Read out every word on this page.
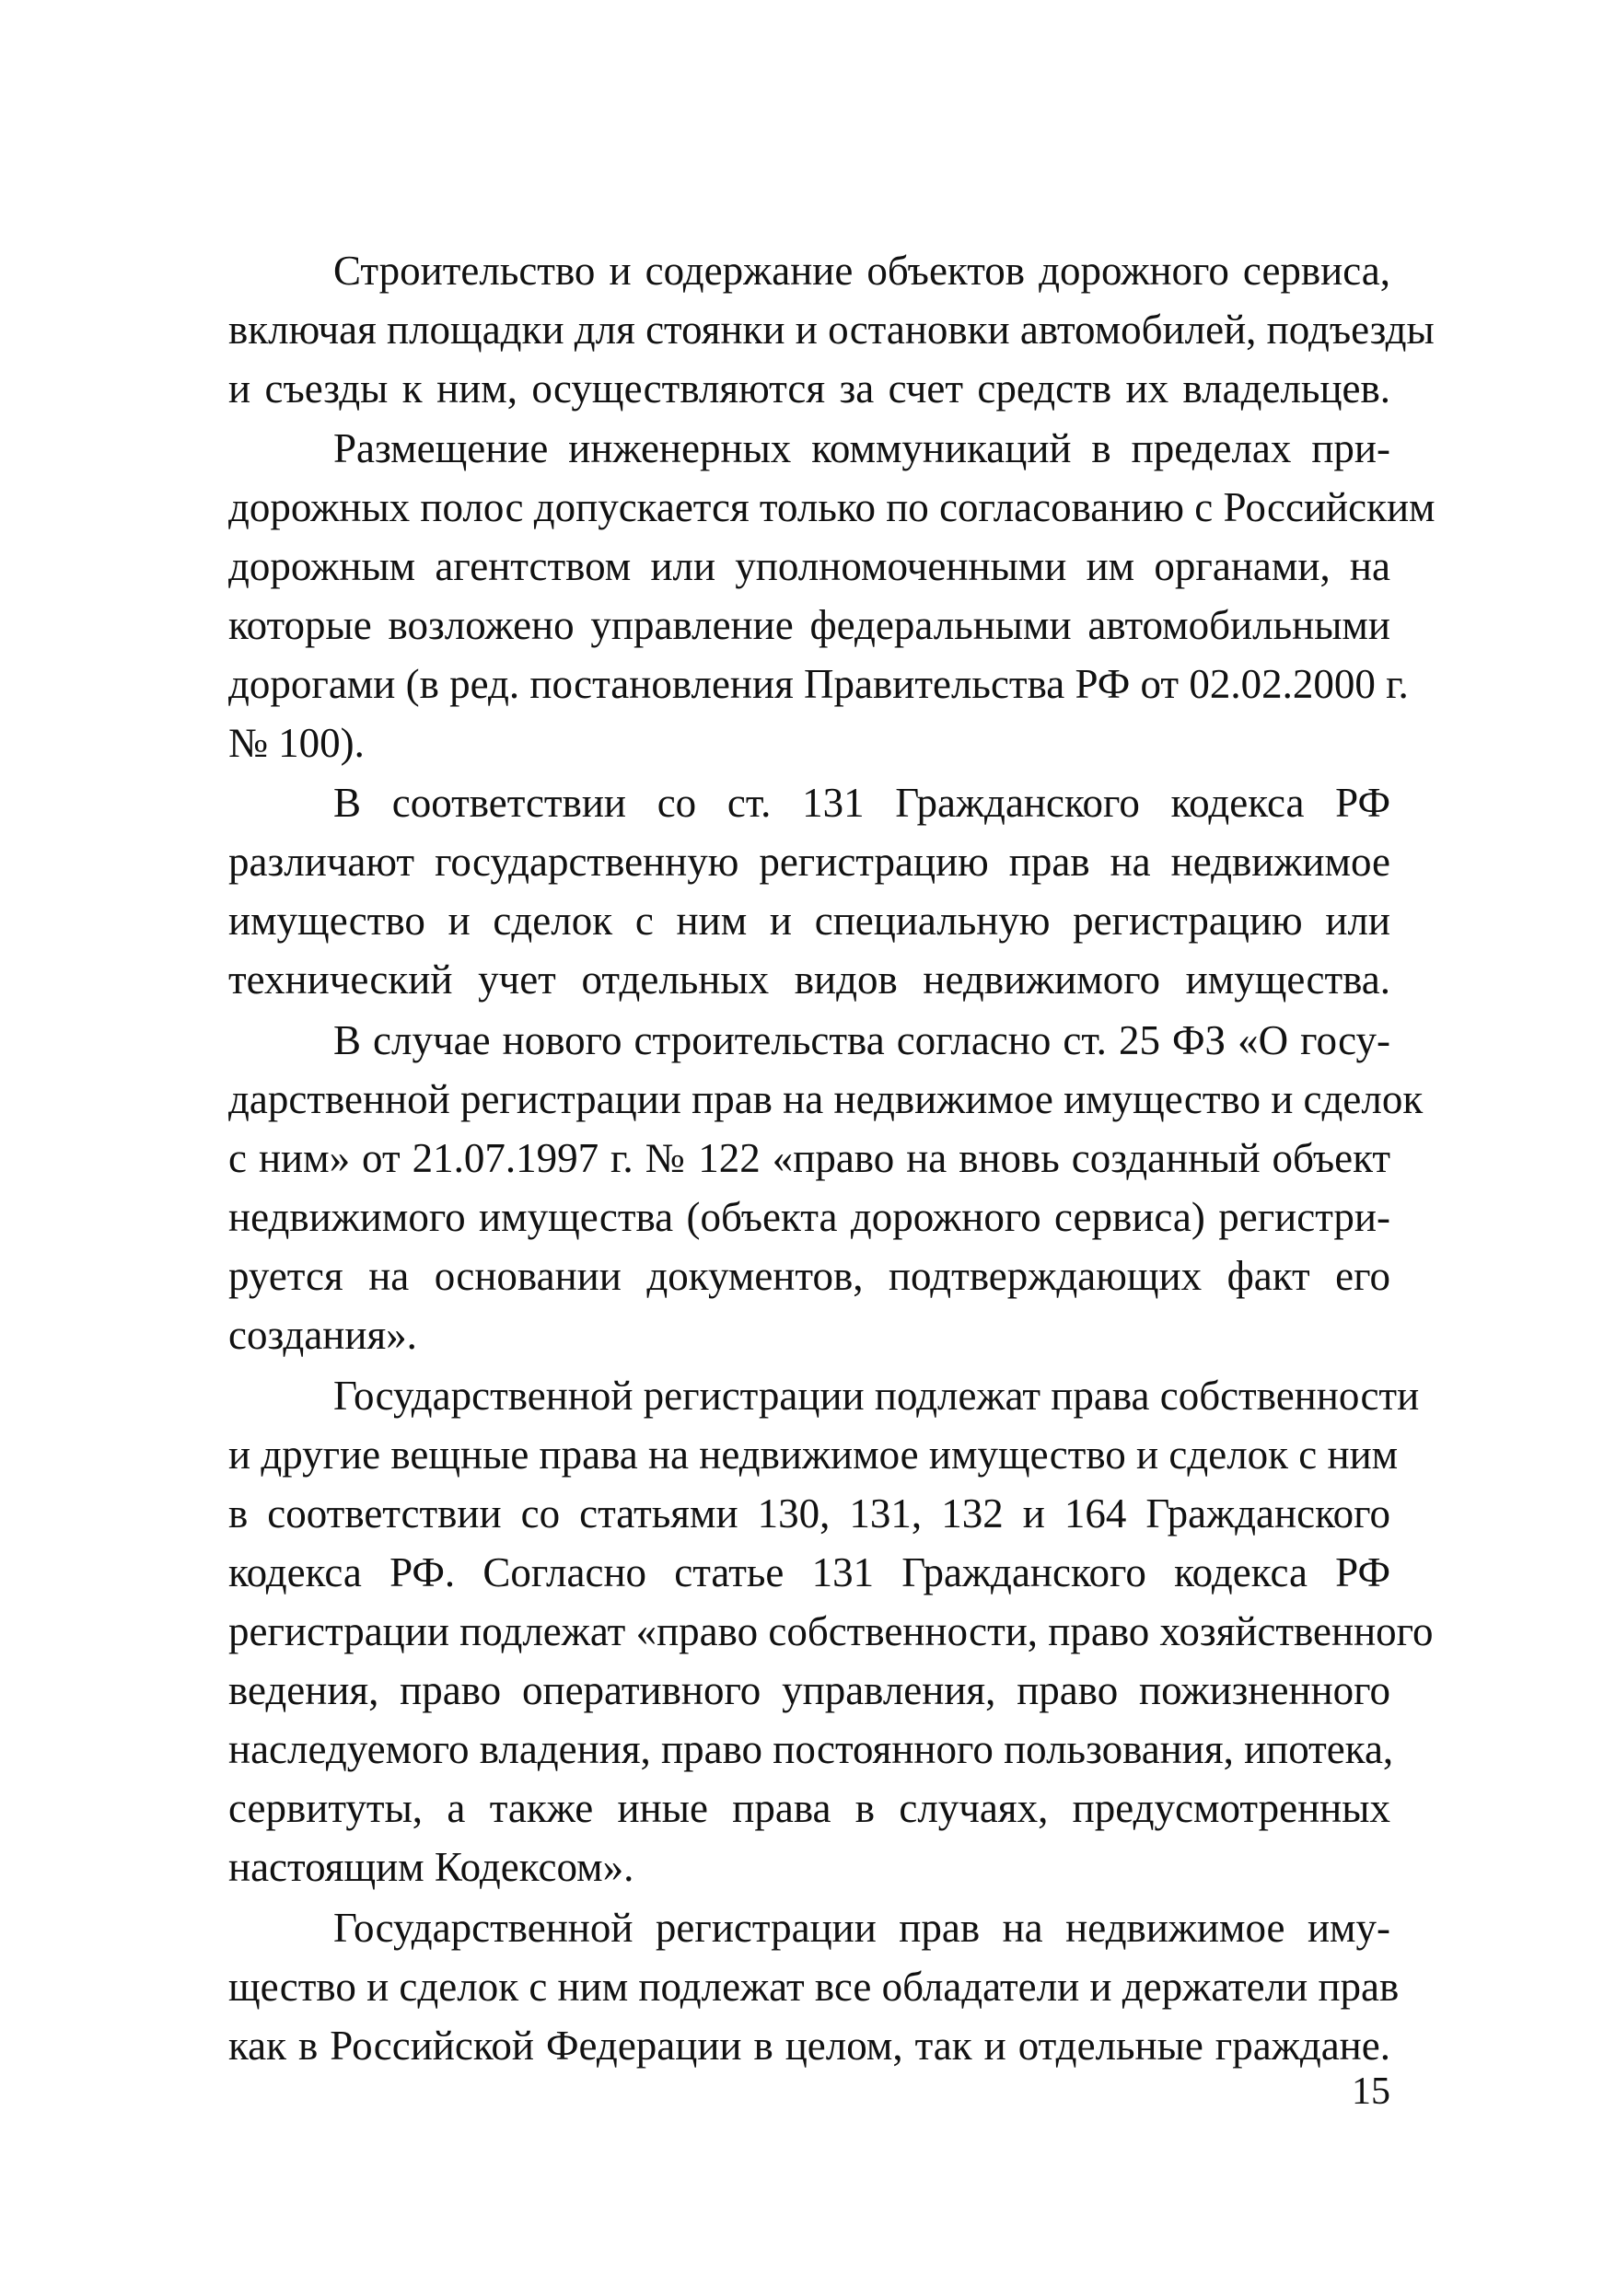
Строительство и содержание объектов дорожного сервиса,
включая площадки для стоянки и остановки автомобилей, подъезды
и съезды к ним, осуществляются за счет средств их владельцев.
Размещение инженерных коммуникаций в пределах при-
дорожных полос допускается только по согласованию с Российским
дорожным агентством или уполномоченными им органами, на
которые возложено управление федеральными автомобильными
дорогами (в ред. постановления Правительства РФ от 02.02.2000 г.
№ 100).
В соответствии со ст. 131 Гражданского кодекса РФ
различают государственную регистрацию прав на недвижимое
имущество и сделок с ним и специальную регистрацию или
технический учет отдельных видов недвижимого имущества.
В случае нового строительства согласно ст. 25 ФЗ «О госу-
дарственной регистрации прав на недвижимое имущество и сделок
с ним» от 21.07.1997 г. № 122 «право на вновь созданный объект
недвижимого имущества (объекта дорожного сервиса) регистри-
руется на основании документов, подтверждающих факт его
создания».
Государственной регистрации подлежат права собственности
и другие вещные права на недвижимое имущество и сделок с ним
в соответствии со статьями 130, 131, 132 и 164 Гражданского
кодекса РФ. Согласно статье 131 Гражданского кодекса РФ
регистрации подлежат «право собственности, право хозяйственного
ведения, право оперативного управления, право пожизненного
наследуемого владения, право постоянного пользования, ипотека,
сервитуты, а также иные права в случаях, предусмотренных
настоящим Кодексом».
Государственной регистрации прав на недвижимое иму-
щество и сделок с ним подлежат все обладатели и держатели прав
как в Российской Федерации в целом, так и отдельные граждане.
15
